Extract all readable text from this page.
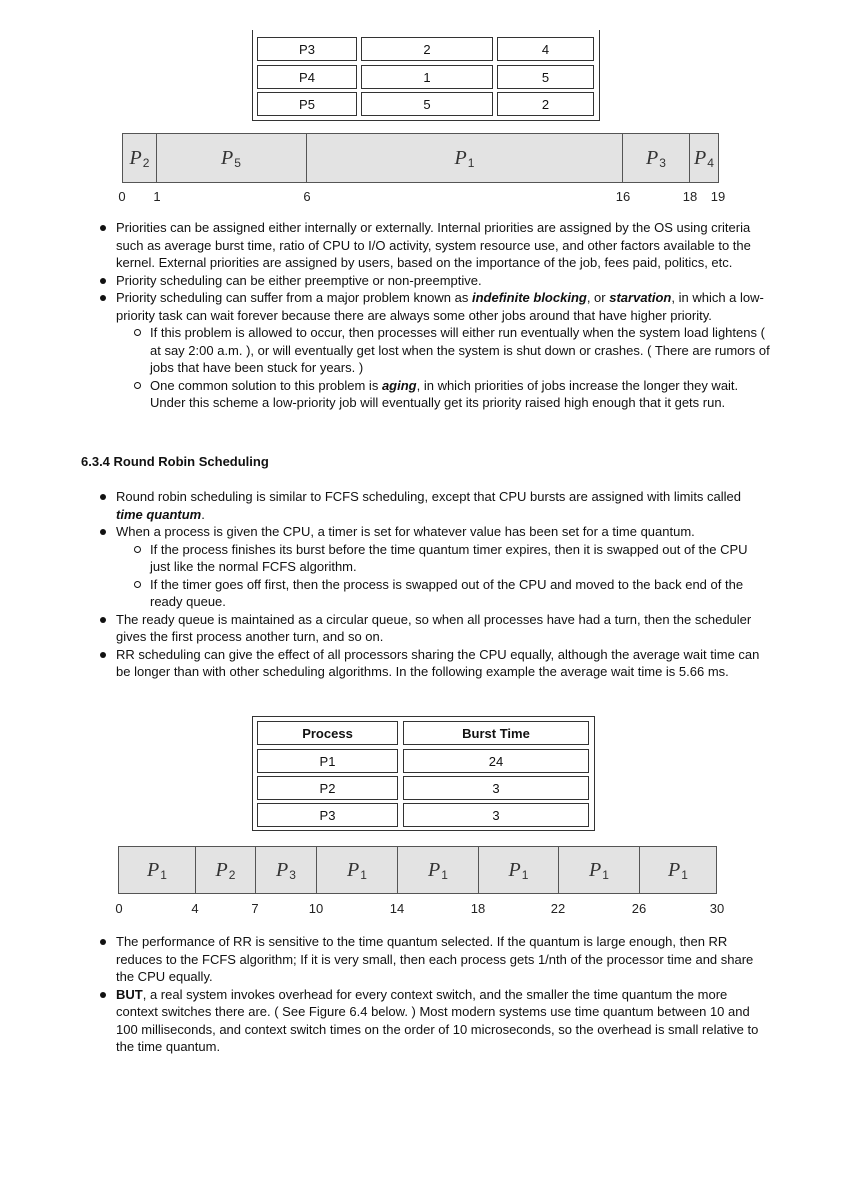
P3	2	4
P4	1	5
P5	5	2
$P_2$	$P_5$	$P_1$	$P_3$ $P_4$
0 1	6	16	18 19
Priorities can be assigned either internally or externally. Internal priorities are assigned by the OS using criteria such as average burst time, ratio of CPU to I/O activity, system resource use, and other factors available to the kernel. External priorities are assigned by users, based on the importance of the job, fees paid, politics, etc.
Priority scheduling can be either preemptive or non-preemptive.
Priority scheduling can suffer from a major problem known as indefinite blocking, or starvation, in which a low-priority task can wait forever because there are always some other jobs around that have higher priority.
If this problem is allowed to occur, then processes will either run eventually when the system load lightens ( at say 2:00 a.m. ), or will eventually get lost when the system is shut down or crashes. ( There are rumors of jobs that have been stuck for years. )
One common solution to this problem is aging, in which priorities of jobs increase the longer they wait. Under this scheme a low-priority job will eventually get its priority raised high enough that it gets run.
6.3.4 Round Robin Scheduling
Round robin scheduling is similar to FCFS scheduling, except that CPU bursts are assigned with limits called time quantum.
When a process is given the CPU, a timer is set for whatever value has been set for a time quantum.
If the process finishes its burst before the time quantum timer expires, then it is swapped out of the CPU just like the normal FCFS algorithm.
If the timer goes off first, then the process is swapped out of the CPU and moved to the back end of the ready queue.
The ready queue is maintained as a circular queue, so when all processes have had a turn, then the scheduler gives the first process another turn, and so on.
RR scheduling can give the effect of all processors sharing the CPU equally, although the average wait time can be longer than with other scheduling algorithms. In the following example the average wait time is 5.66 ms.
Process	Burst Time
P1	24
P2	3
P3	3
$P_1$ $P_2$ $P_3$	$P_1$	$P_1$	$P_1$	$P_1$	$P_1$
0	4	7	10	14	18	22	26	30
The performance of RR is sensitive to the time quantum selected. If the quantum is large enough, then RR reduces to the FCFS algorithm; If it is very small, then each process gets 1/nth of the processor time and share the CPU equally.
BUT, a real system invokes overhead for every context switch, and the smaller the time quantum the more context switches there are. ( See Figure 6.4 below. ) Most modern systems use time quantum between 10 and 100 milliseconds, and context switch times on the order of 10 microseconds, so the overhead is small relative to the time quantum.
